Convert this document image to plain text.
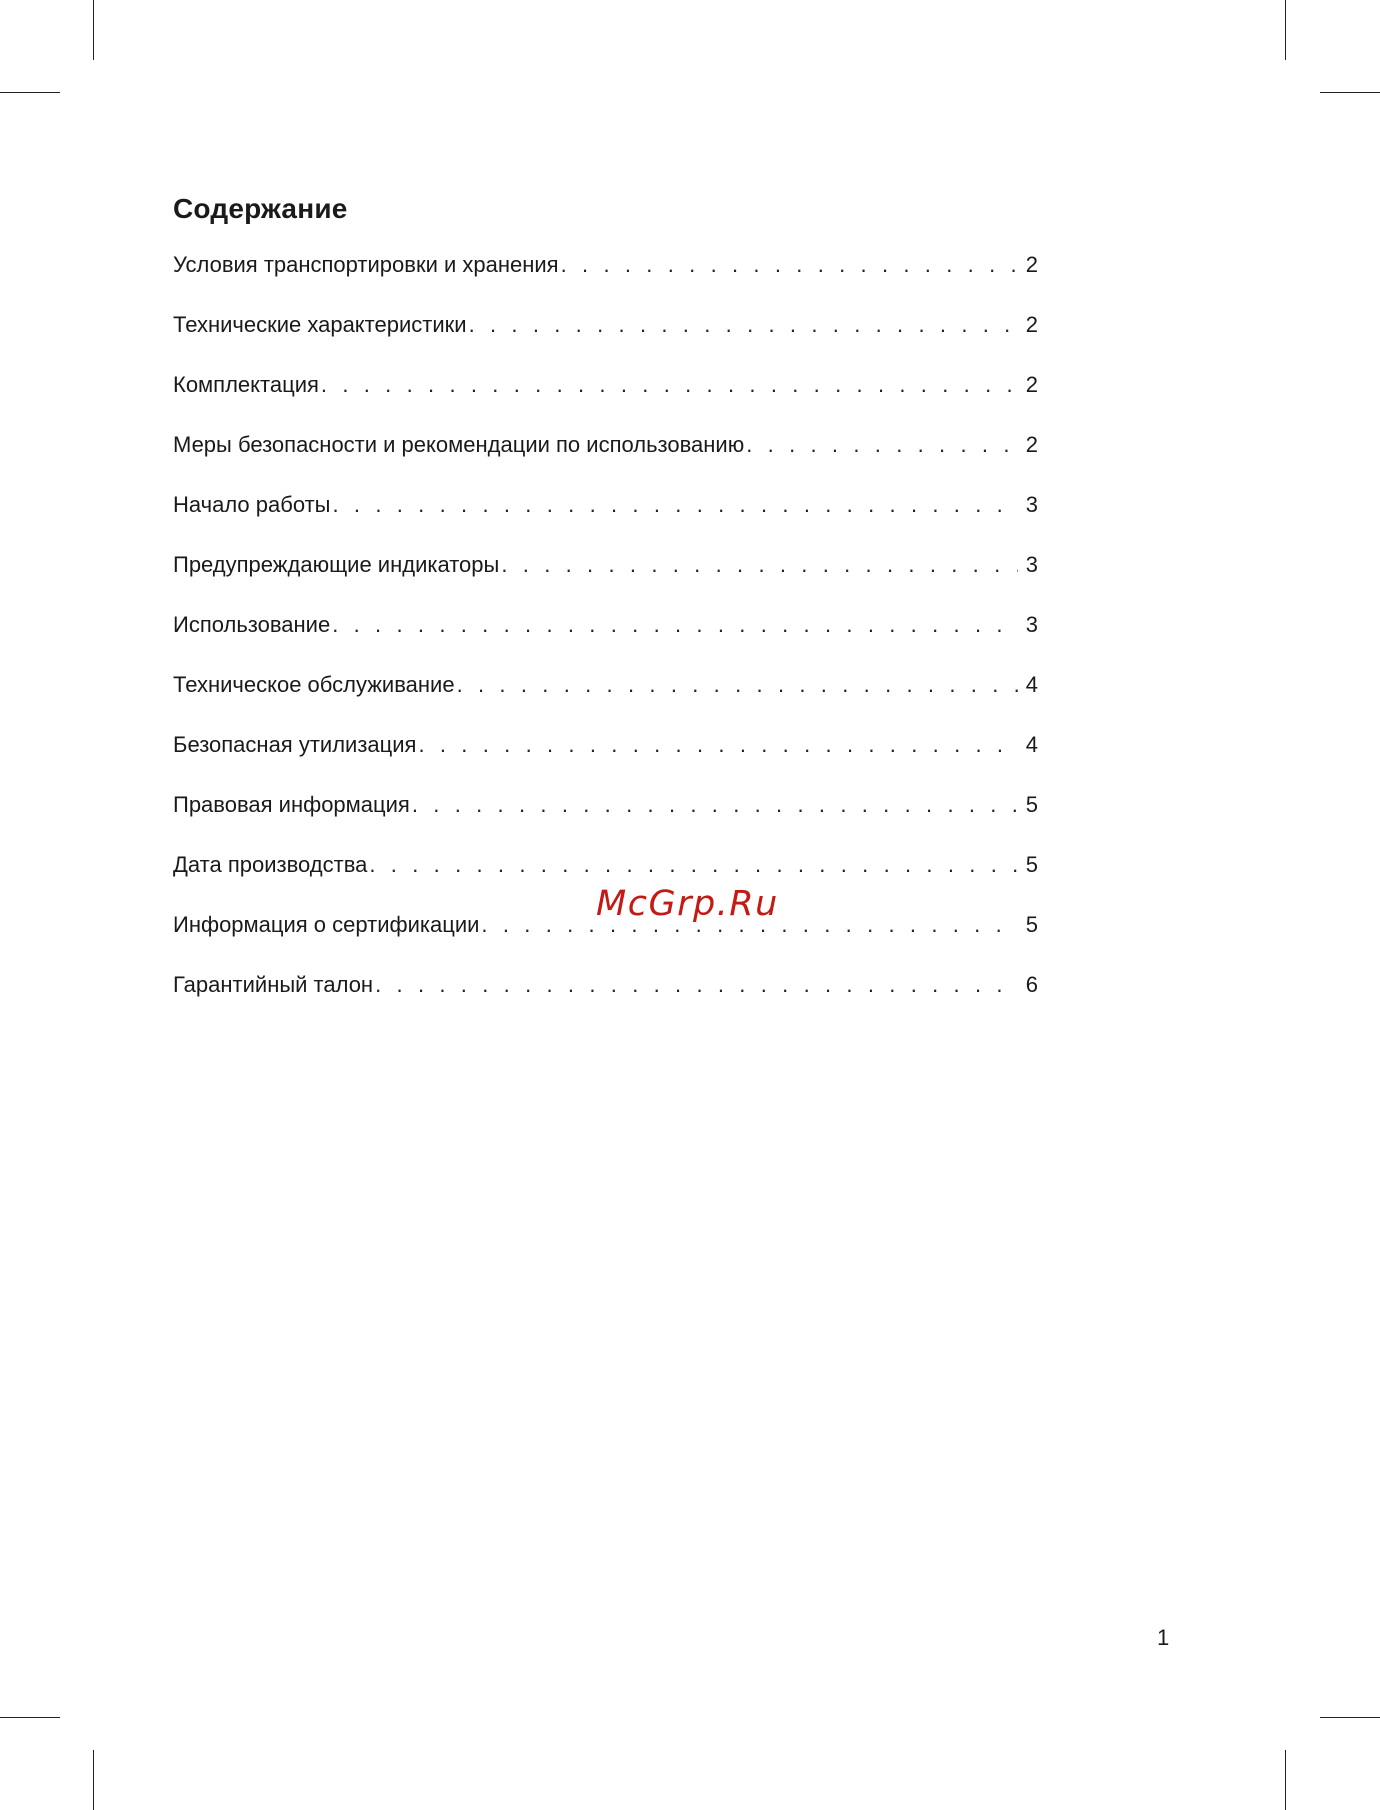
Содержание
Условия транспортировки и хранения . . .	2
Технические характеристики . . .	2
Комплектация . . .	2
Меры безопасности и рекомендации по использованию . . .	2
Начало работы . . .	3
Предупреждающие индикаторы . . .	3
Использование . . .	3
Техническое обслуживание . . .	4
Безопасная утилизация . . .	4
Правовая информация . . .	5
Дата производства . . .	5
Информация о сертификации . . .	5
Гарантийный талон . . .	6
McGrp.Ru
1
